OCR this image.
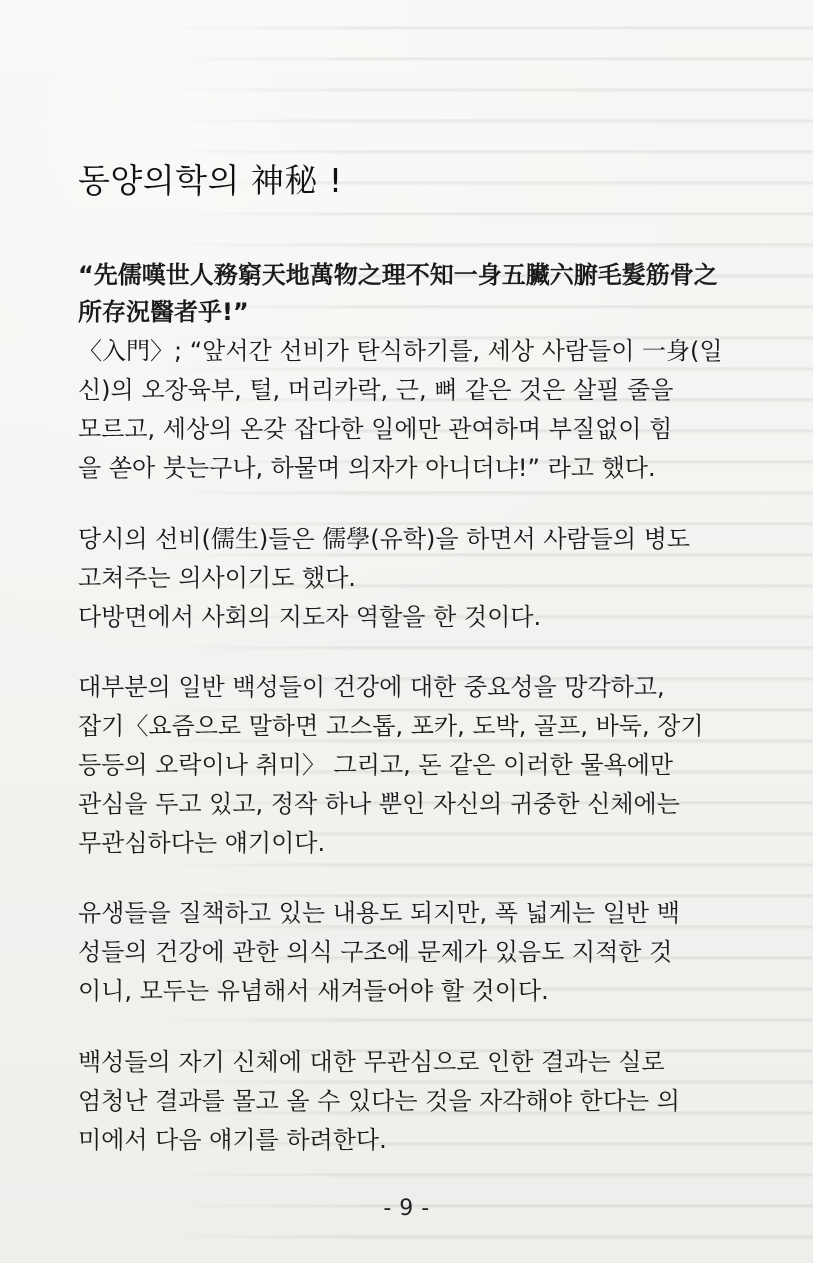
동양의학의 神秘 !

“先儒嘆世人務窮天地萬物之理不知一身五臟六腑毛髮筋骨之
所存況醫者乎!”

〈入門〉; “앞서간 선비가 탄식하기를, 세상 사람들이 一身(일
신)의 오장육부, 털, 머리카락, 근, 뼈 같은 것은 살필 줄을
모르고, 세상의 온갖 잡다한 일에만 관여하며 부질없이 힘
을 쏟아 붓는구나, 하물며 의자가 아니더냐!” 라고 했다.

당시의 선비(儒生)들은 儒學(유학)을 하면서 사람들의 병도
고쳐주는 의사이기도 했다.
다방면에서 사회의 지도자 역할을 한 것이다.

대부분의 일반 백성들이 건강에 대한 중요성을 망각하고,
잡기〈요즘으로 말하면 고스톱, 포카, 도박, 골프, 바둑, 장기
등등의 오락이나 취미〉 그리고, 돈 같은 이러한 물욕에만
관심을 두고 있고, 정작 하나 뿐인 자신의 귀중한 신체에는
무관심하다는 얘기이다.

유생들을 질책하고 있는 내용도 되지만, 폭 넓게는 일반 백
성들의 건강에 관한 의식 구조에 문제가 있음도 지적한 것
이니, 모두는 유념해서 새겨들어야 할 것이다.

백성들의 자기 신체에 대한 무관심으로 인한 결과는 실로
엄청난 결과를 몰고 올 수 있다는 것을 자각해야 한다는 의
미에서 다음 얘기를 하려한다.

- 9 -
